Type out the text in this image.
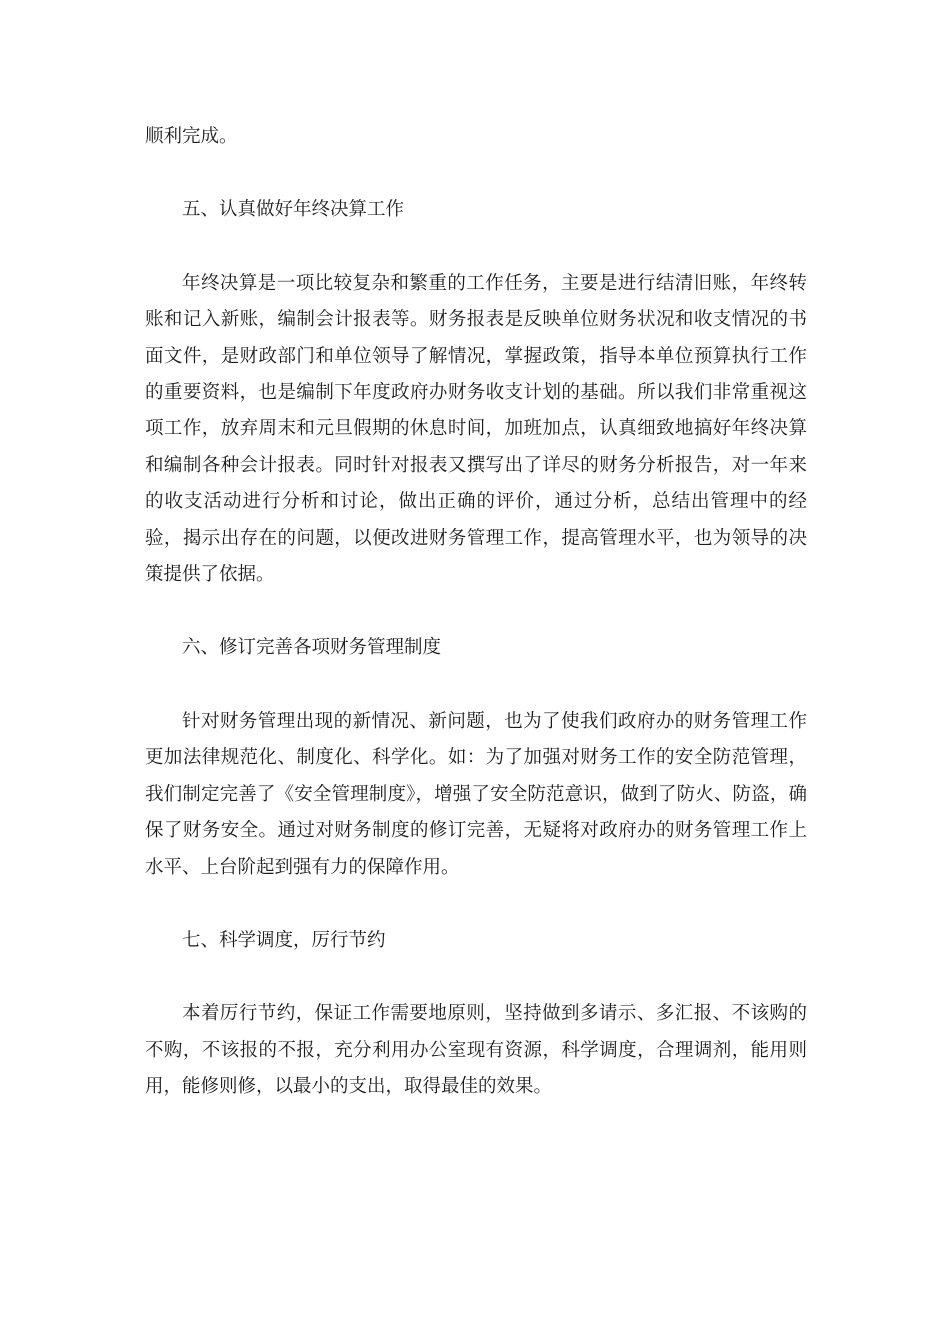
顺利完成。

五、认真做好年终决算工作

年终决算是一项比较复杂和繁重的工作任务，主要是进行结清旧账，年终转账和记入新账，编制会计报表等。财务报表是反映单位财务状况和收支情况的书面文件，是财政部门和单位领导了解情况，掌握政策，指导本单位预算执行工作的重要资料，也是编制下年度政府办财务收支计划的基础。所以我们非常重视这项工作，放弃周末和元旦假期的休息时间，加班加点，认真细致地搞好年终决算和编制各种会计报表。同时针对报表又撰写出了详尽的财务分析报告，对一年来的收支活动进行分析和讨论，做出正确的评价，通过分析，总结出管理中的经验，揭示出存在的问题，以便改进财务管理工作，提高管理水平，也为领导的决策提供了依据。

六、修订完善各项财务管理制度

针对财务管理出现的新情况、新问题，也为了使我们政府办的财务管理工作更加法律规范化、制度化、科学化。如：为了加强对财务工作的安全防范管理，我们制定完善了《安全管理制度》，增强了安全防范意识，做到了防火、防盗，确保了财务安全。通过对财务制度的修订完善，无疑将对政府办的财务管理工作上水平、上台阶起到强有力的保障作用。

七、科学调度，厉行节约

本着厉行节约，保证工作需要地原则，坚持做到多请示、多汇报、不该购的不购，不该报的不报，充分利用办公室现有资源，科学调度，合理调剂，能用则用，能修则修，以最小的支出，取得最佳的效果。
